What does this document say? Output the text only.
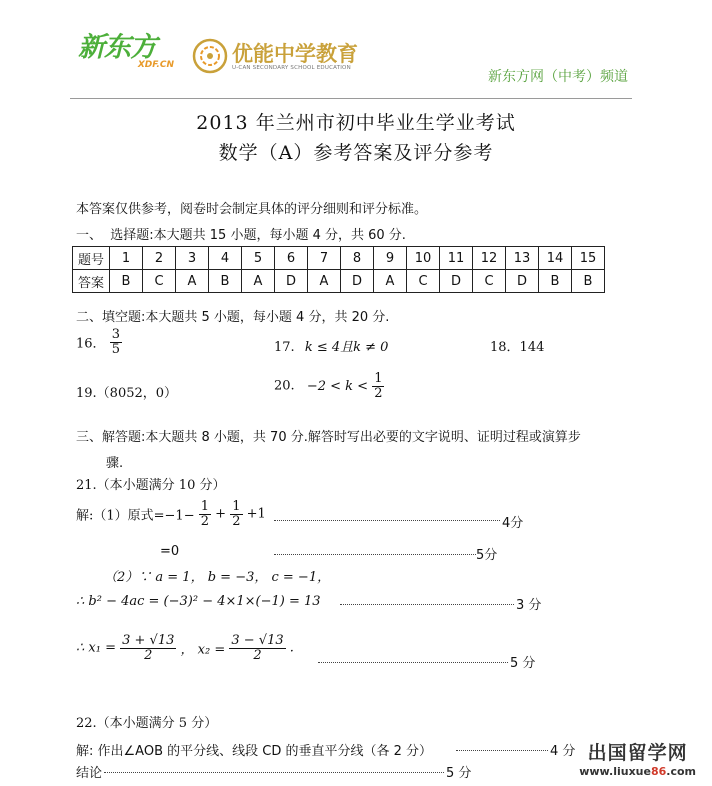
新东方
XDF.CN	优能中学教育
U-CAN SECONDARY SCHOOL EDUCATION
新东方网（中考）频道
2013 年兰州市初中毕业生学业考试
数学（A）参考答案及评分参考
本答案仅供参考，阅卷时会制定具体的评分细则和评分标准。
一、  选择题:本大题共 15 小题，每小题 4 分，共 60 分.
题号	1	2	3	4	5	6	7	8	9	10	11	12	13	14	15
答案	B	C	A	B	A	D	A	D	A	C	D	C	D	B	B
二、填空题:本大题共 5 小题，每小题 4 分，共 20 分.
16． $\frac{3}{5}$	17. k ≤ 4且k ≠ 0	18．144
19.（8052，0）	20. $-2 < k < \frac{1}{2}$
三、解答题:本大题共 8 小题，共 70 分.解答时写出必要的文字说明、证明过程或演算步
骤.
21.（本小题满分 10 分）
解:（1）原式$=-1- \frac{1}{2} + \frac{1}{2} +1$
4分
=0	5分
（2）∵ a = 1， b = −3， c = −1，
∴ b² − 4ac = (−3)² − 4×1×(−1) = 13	3 分
∴ $x_1 = \frac{3 + √13}{2}$ ， $x_2 = \frac{3 - √13}{2}$ .
5 分
22.（本小题满分 5 分）
解: 作出∠AOB 的平分线、线段 CD 的垂直平分线（各 2 分）	4 分
结论	5 分
出国留学网
www.liuxue86.com
